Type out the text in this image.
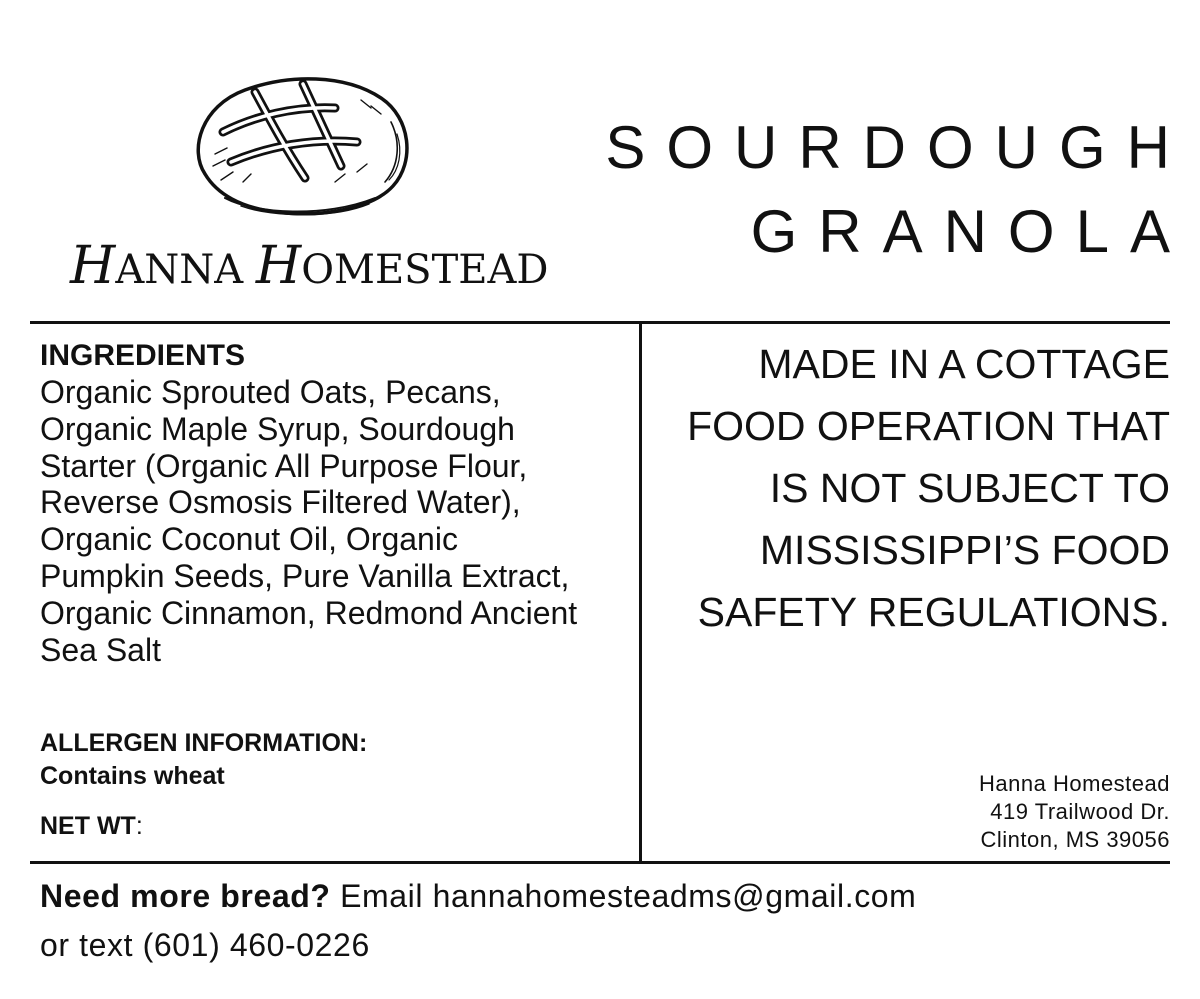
HANNA HOMESTEAD
SOURDOUGH
GRANOLA
INGREDIENTS
Organic Sprouted Oats, Pecans,
Organic Maple Syrup, Sourdough
Starter (Organic All Purpose Flour,
Reverse Osmosis Filtered Water),
Organic Coconut Oil, Organic
Pumpkin Seeds, Pure Vanilla Extract,
Organic Cinnamon, Redmond Ancient
Sea Salt
ALLERGEN INFORMATION:
Contains wheat
NET WT:
MADE IN A COTTAGE
FOOD OPERATION THAT
IS NOT SUBJECT TO
MISSISSIPPI’S FOOD
SAFETY REGULATIONS.
Hanna Homestead
419 Trailwood Dr.
Clinton, MS 39056
Need more bread? Email hannahomesteadms@gmail.com
or text (601) 460-0226
